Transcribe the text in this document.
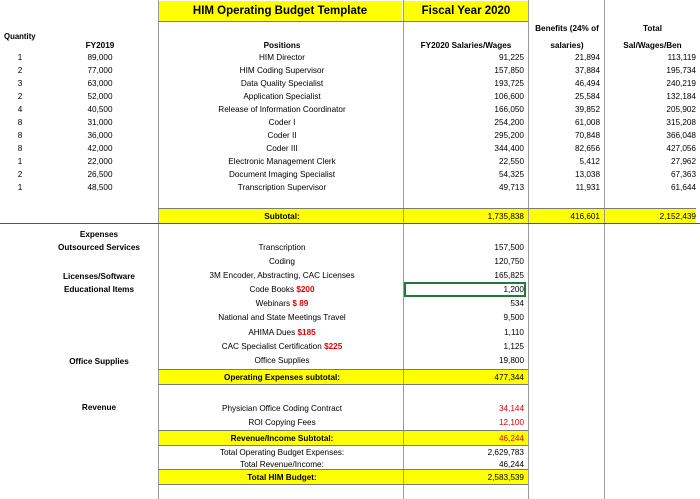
HIM Operating Budget Template	Fiscal Year 2020
Quantity
FY2019	Positions	FY2020 Salaries/Wages
Benefits (24% of
salaries)
Total
Sal/Wages/Ben
1	89,000	HIM Director	91,225	21,894	113,119
2	77,000	HIM Coding Supervisor	157,850	37,884	195,734
3	63,000	Data Quality Specialist	193,725	46,494	240,219
2	52,000	Application Specialist	106,600	25,584	132,184
4	40,500	Release of Information Coordinator	166,050	39,852	205,902
8	31,000	Coder I	254,200	61,008	315,208
8	36,000	Coder II	295,200	70,848	366,048
8	42,000	Coder III	344,400	82,656	427,056
1	22,000	Electronic Management Clerk	22,550	5,412	27,962
2	26,500	Document Imaging Specialist	54,325	13,038	67,363
1	48,500	Transcription Supervisor	49,713	11,931	61,644
Subtotal:	1,735,838	416,601	2,152,439
Expenses
Outsourced Services
Licenses/Software
Educational Items
Office Supplies
Transcription	157,500
Coding	120,750
3M Encoder, Abstracting, CAC Licenses	165,825
Code Books $200	1,200
Webinars $ 89	534
National and State Meetings Travel	9,500
AHIMA Dues $185	1,110
CAC Specialist Certification $225	1,125
Office Supplies	19,800
Operating Expenses subtotal:	477,344
Revenue	Physician Office Coding Contract	34,144
ROI Copying Fees	12,100
Revenue/Income Subtotal:	46,244
Total Operating Budget Expenses:	2,629,783
Total Revenue/Income:	46,244
Total HIM Budget:	2,583,539
